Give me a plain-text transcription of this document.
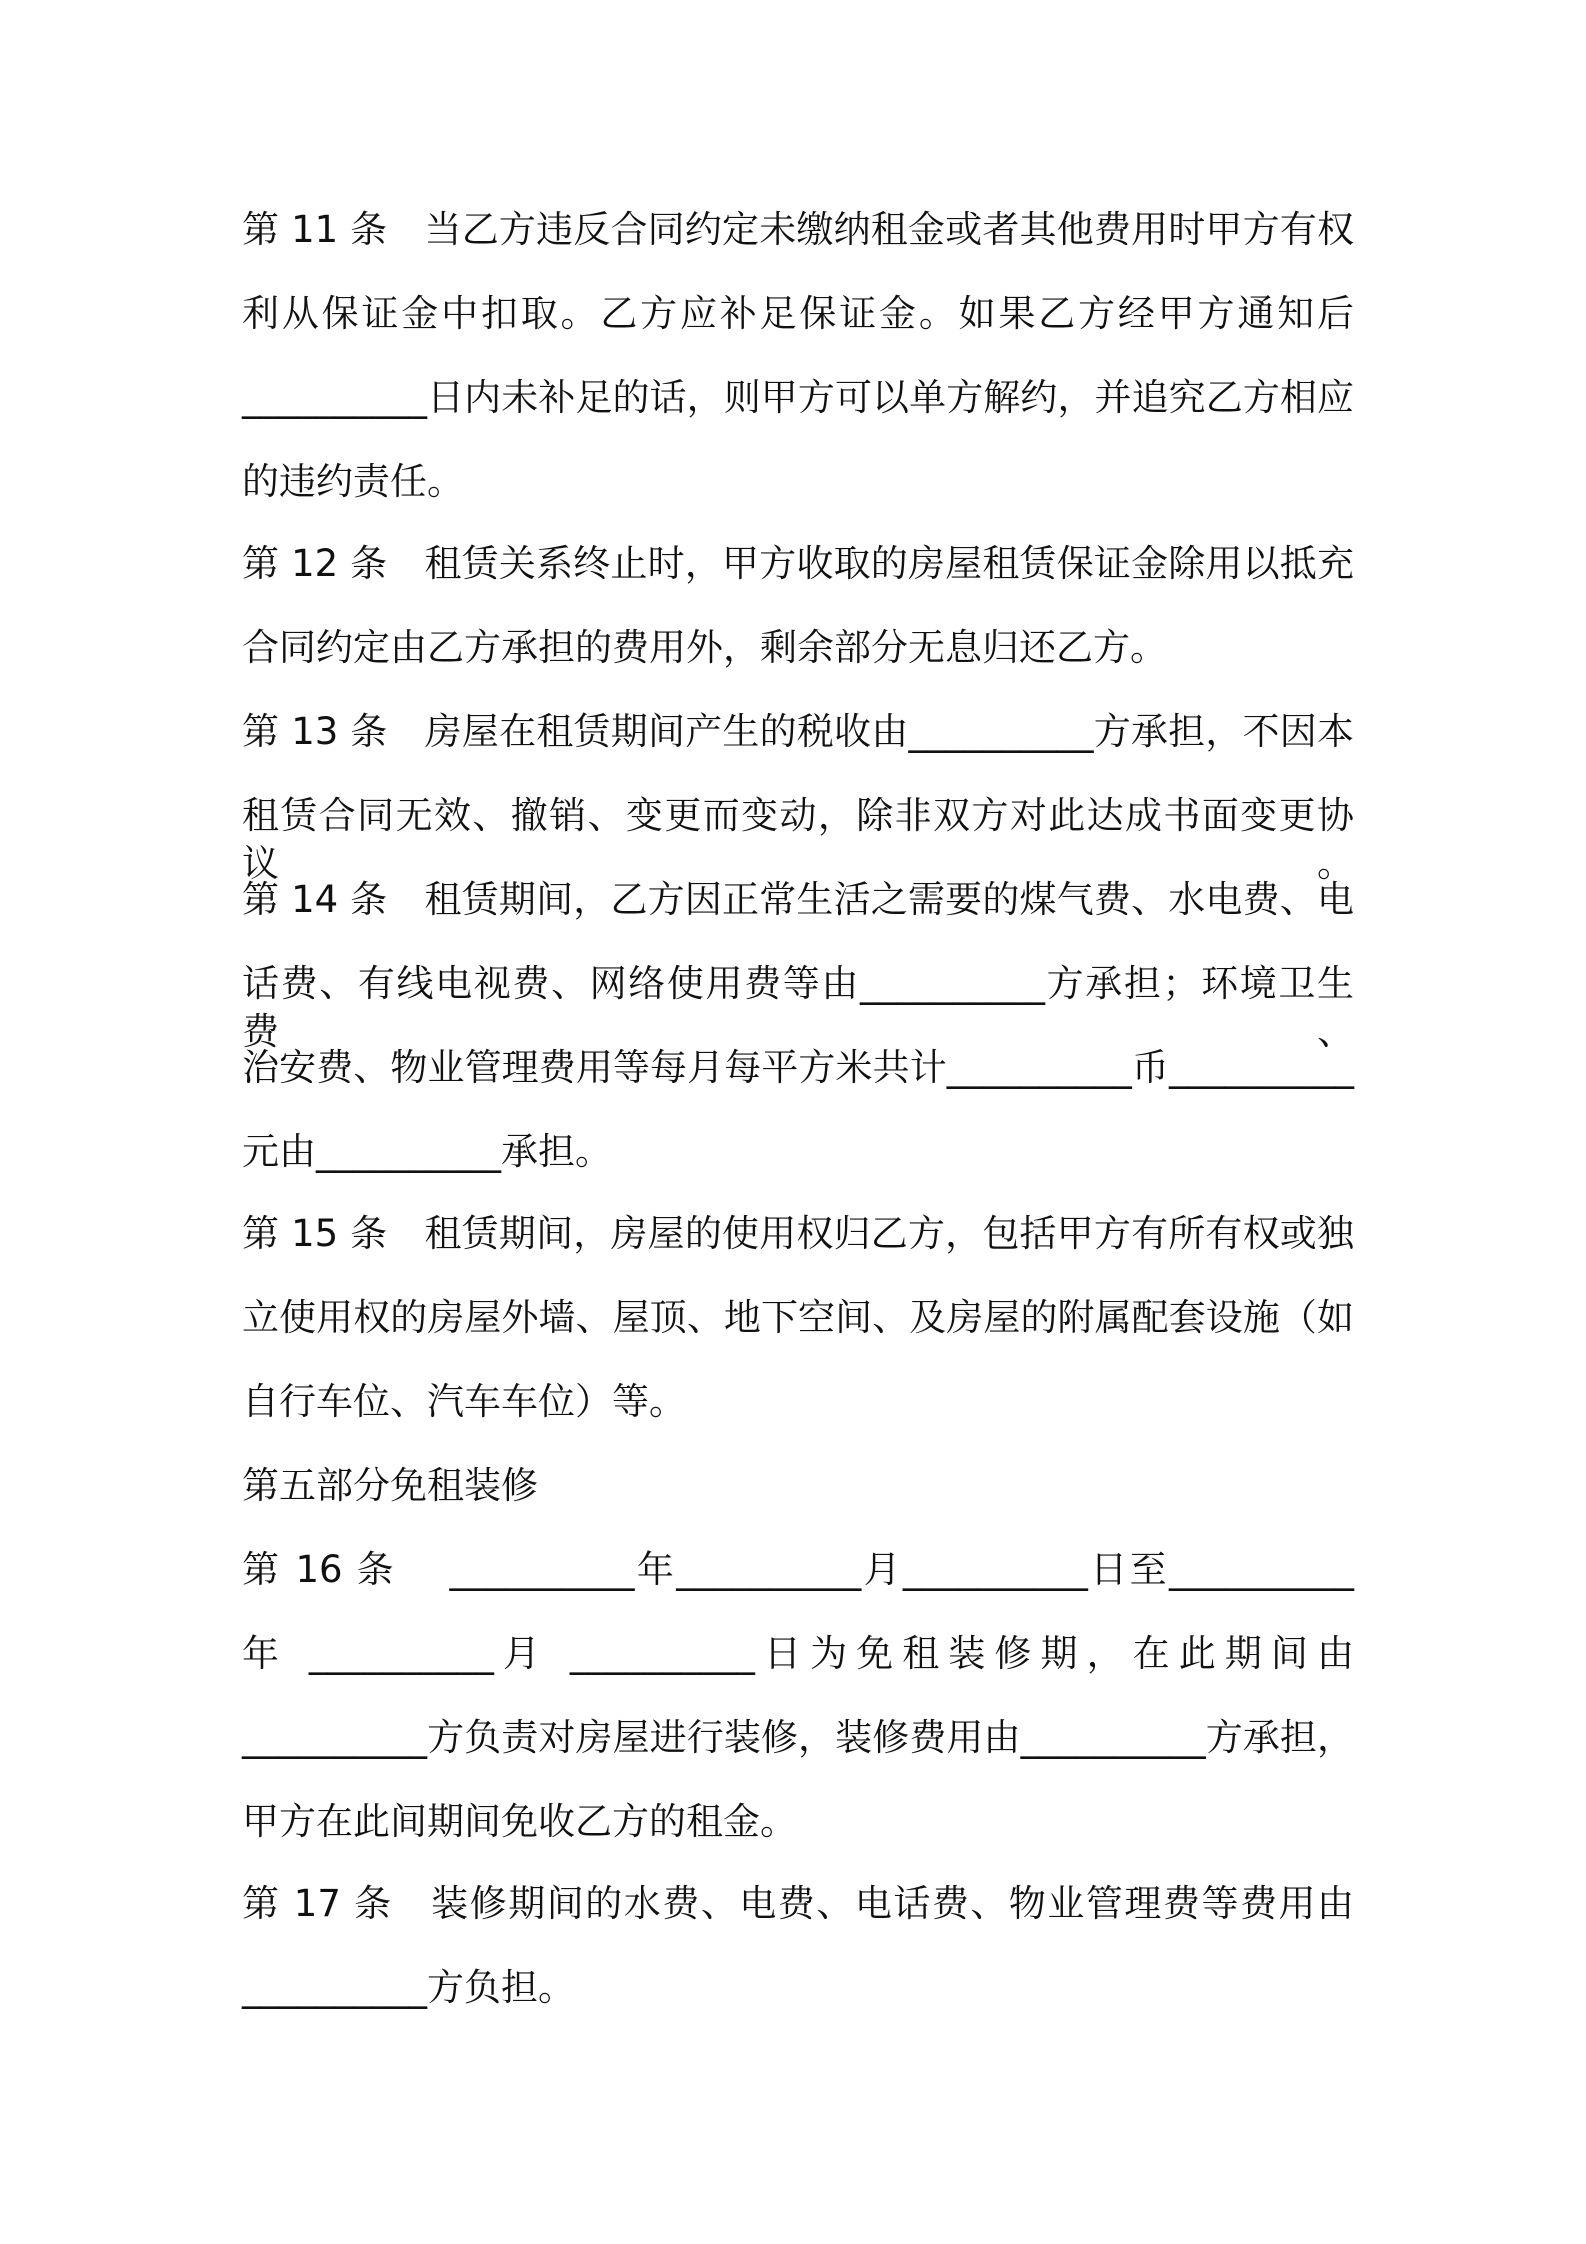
第 11 条　当乙方违反合同约定未缴纳租金或者其他费用时甲方有权
利从保证金中扣取。乙方应补足保证金。如果乙方经甲方通知后
__________日内未补足的话，则甲方可以单方解约，并追究乙方相应
的违约责任。
第 12 条　租赁关系终止时，甲方收取的房屋租赁保证金除用以抵充
合同约定由乙方承担的费用外，剩余部分无息归还乙方。
第 13 条　房屋在租赁期间产生的税收由__________方承担，不因本
租赁合同无效、撤销、变更而变动，除非双方对此达成书面变更协议。
第 14 条　租赁期间，乙方因正常生活之需要的煤气费、水电费、电
话费、有线电视费、网络使用费等由__________方承担；环境卫生费、
治安费、物业管理费用等每月每平方米共计__________币__________
元由__________承担。
第 15 条　租赁期间，房屋的使用权归乙方，包括甲方有所有权或独
立使用权的房屋外墙、屋顶、地下空间、及房屋的附属配套设施（如
自行车位、汽车车位）等。
第五部分免租装修
第 16 条　 __________年__________月__________日至__________
年 __________月 __________日为免租装修期，在此期间由
__________方负责对房屋进行装修，装修费用由__________方承担，
甲方在此间期间免收乙方的租金。
第 17 条　装修期间的水费、电费、电话费、物业管理费等费用由
__________方负担。
